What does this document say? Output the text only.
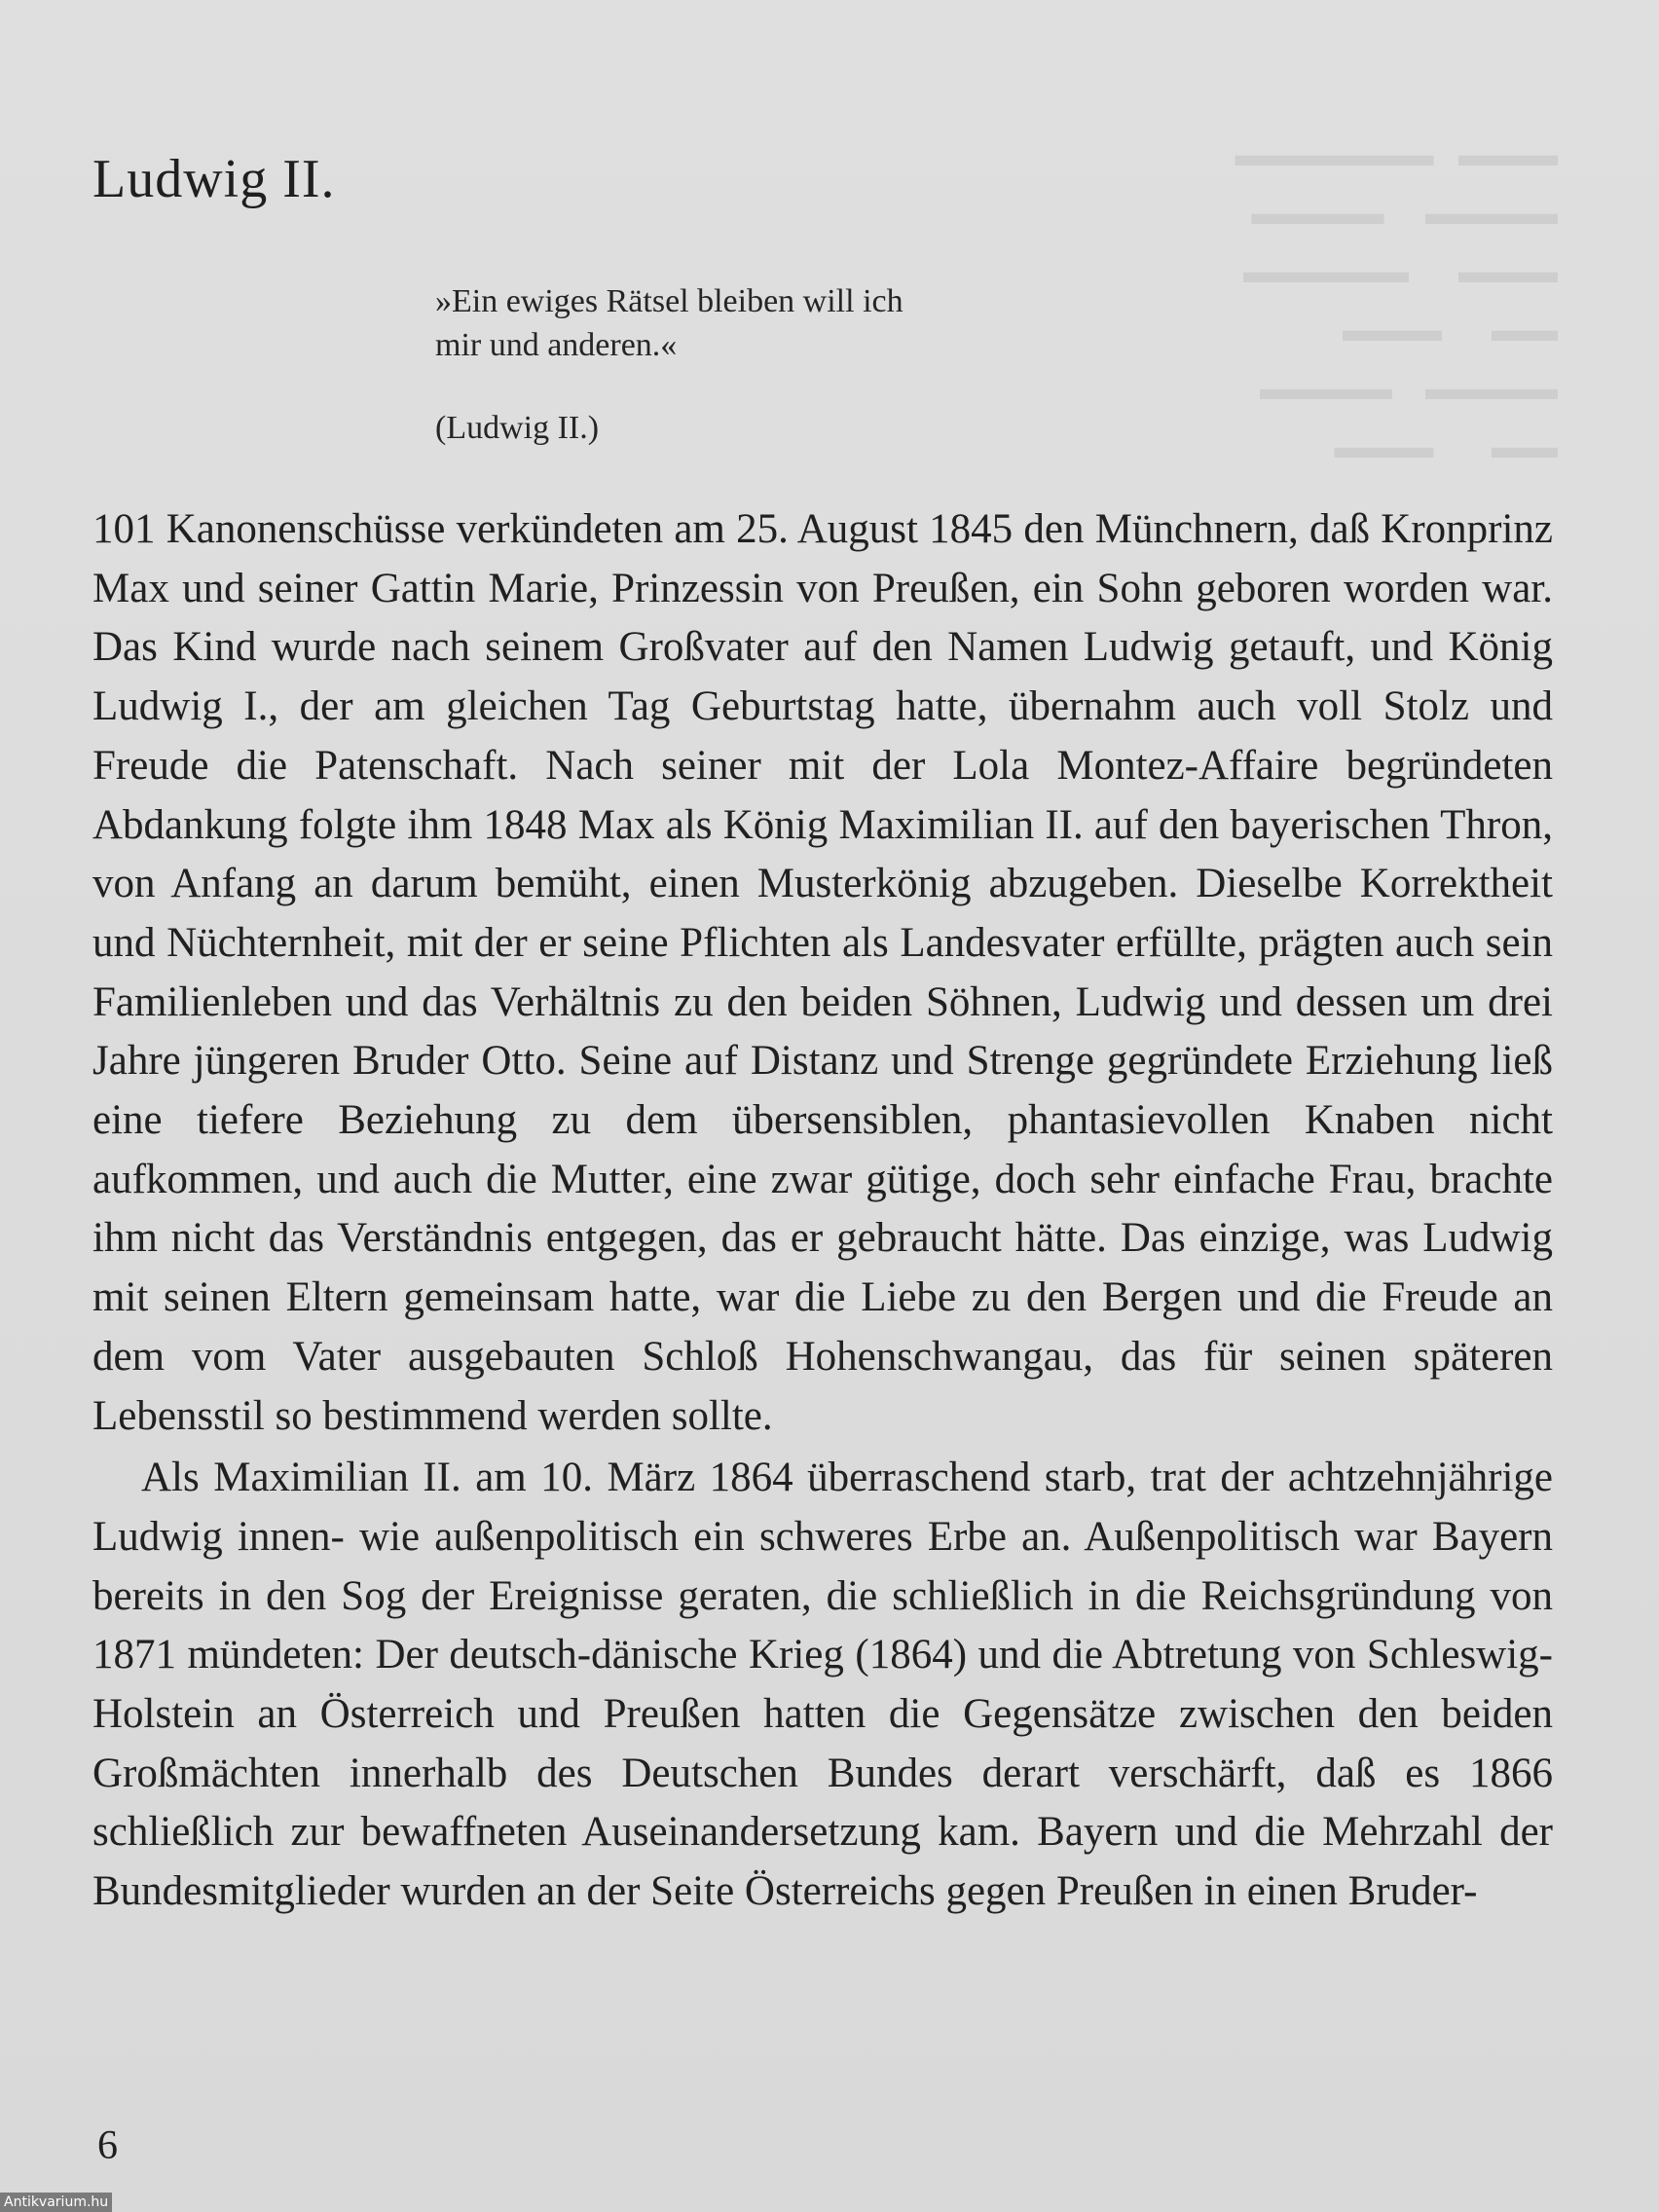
▬▬▬   ▬▬▬▬▬▬
▬▬▬▬     ▬▬▬▬
▬▬▬      ▬▬▬▬▬
▬▬      ▬▬▬
▬▬▬▬    ▬▬▬▬
▬▬       ▬▬▬
Ludwig II.

»Ein ewiges Rätsel bleiben will ich
mir und anderen.«

(Ludwig II.)

101 Kanonenschüsse verkündeten am 25. August 1845 den Münchnern, daß Kronprinz Max und seiner Gattin Marie, Prinzessin von Preußen, ein Sohn geboren worden war. Das Kind wurde nach seinem Großvater auf den Namen Ludwig getauft, und König Ludwig I., der am gleichen Tag Geburtstag hatte, übernahm auch voll Stolz und Freude die Patenschaft. Nach seiner mit der Lola Montez-Affaire begründeten Abdankung folgte ihm 1848 Max als König Maximilian II. auf den bayerischen Thron, von Anfang an darum bemüht, einen Musterkönig abzugeben. Dieselbe Korrektheit und Nüchternheit, mit der er seine Pflichten als Landesvater erfüllte, prägten auch sein Familienleben und das Verhältnis zu den beiden Söhnen, Ludwig und dessen um drei Jahre jüngeren Bruder Otto. Seine auf Distanz und Strenge gegründete Erziehung ließ eine tiefere Beziehung zu dem übersensiblen, phantasievollen Knaben nicht aufkommen, und auch die Mutter, eine zwar gütige, doch sehr einfache Frau, brachte ihm nicht das Verständnis entgegen, das er gebraucht hätte. Das einzige, was Ludwig mit seinen Eltern gemeinsam hatte, war die Liebe zu den Bergen und die Freude an dem vom Vater ausgebauten Schloß Hohenschwangau, das für seinen späteren Lebensstil so bestimmend werden sollte.

Als Maximilian II. am 10. März 1864 überraschend starb, trat der achtzehnjährige Ludwig innen- wie außenpolitisch ein schweres Erbe an. Außenpolitisch war Bayern bereits in den Sog der Ereignisse geraten, die schließlich in die Reichsgründung von 1871 mündeten: Der deutsch-dänische Krieg (1864) und die Abtretung von Schleswig-Holstein an Österreich und Preußen hatten die Gegensätze zwischen den beiden Großmächten innerhalb des Deutschen Bundes derart verschärft, daß es 1866 schließlich zur bewaffneten Auseinandersetzung kam. Bayern und die Mehrzahl der Bundesmitglieder wurden an der Seite Österreichs gegen Preußen in einen Bruder-

6
Antikvarium.hu
